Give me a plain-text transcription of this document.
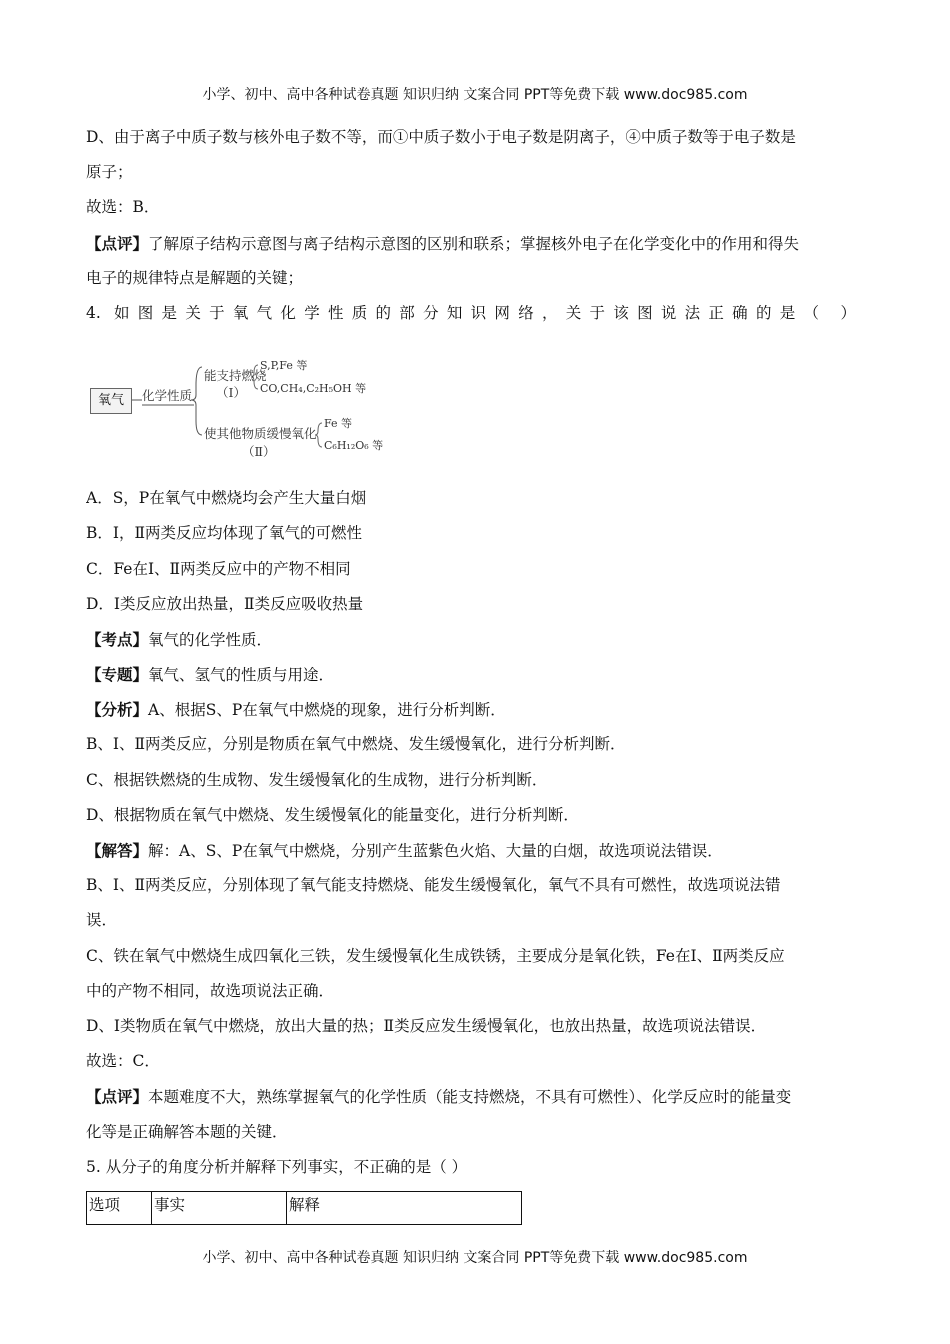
小学、初中、高中各种试卷真题 知识归纳 文案合同 PPT等免费下载 www.doc985.com
D、由于离子中质子数与核外电子数不等，而①中质子数小于电子数是阴离子，④中质子数等于电子数是
原子；
故选：B．
【点评】了解原子结构示意图与离子结构示意图的区别和联系；掌握核外电子在化学变化中的作用和得失
电子的规律特点是解题的关键；
4. 如图是关于氧气化学性质的部分知识网络，关于该图说法正确的是（ ）
氧气	化学性质
能支持燃烧
（Ⅰ）
S,P,Fe 等
CO,CH₄,C₂H₅OH 等
使其他物质缓慢氧化
（Ⅱ）
Fe 等
C₆H₁₂O₆ 等
A．S，P在氧气中燃烧均会产生大量白烟
B．Ⅰ，Ⅱ两类反应均体现了氧气的可燃性
C．Fe在Ⅰ、Ⅱ两类反应中的产物不相同
D．Ⅰ类反应放出热量，Ⅱ类反应吸收热量
【考点】氧气的化学性质．
【专题】氧气、氢气的性质与用途．
【分析】A、根据S、P在氧气中燃烧的现象，进行分析判断．
B、Ⅰ、Ⅱ两类反应，分别是物质在氧气中燃烧、发生缓慢氧化，进行分析判断．
C、根据铁燃烧的生成物、发生缓慢氧化的生成物，进行分析判断．
D、根据物质在氧气中燃烧、发生缓慢氧化的能量变化，进行分析判断．
【解答】解：A、S、P在氧气中燃烧，分别产生蓝紫色火焰、大量的白烟，故选项说法错误．
B、Ⅰ、Ⅱ两类反应，分别体现了氧气能支持燃烧、能发生缓慢氧化，氧气不具有可燃性，故选项说法错
误．
C、铁在氧气中燃烧生成四氧化三铁，发生缓慢氧化生成铁锈，主要成分是氧化铁，Fe在Ⅰ、Ⅱ两类反应
中的产物不相同，故选项说法正确．
D、Ⅰ类物质在氧气中燃烧，放出大量的热；Ⅱ类反应发生缓慢氧化，也放出热量，故选项说法错误．
故选：C．
【点评】本题难度不大，熟练掌握氧气的化学性质（能支持燃烧，不具有可燃性）、化学反应时的能量变
化等是正确解答本题的关键．
5. 从分子的角度分析并解释下列事实，不正确的是（ ）
选项	事实	解释
小学、初中、高中各种试卷真题 知识归纳 文案合同 PPT等免费下载 www.doc985.com
